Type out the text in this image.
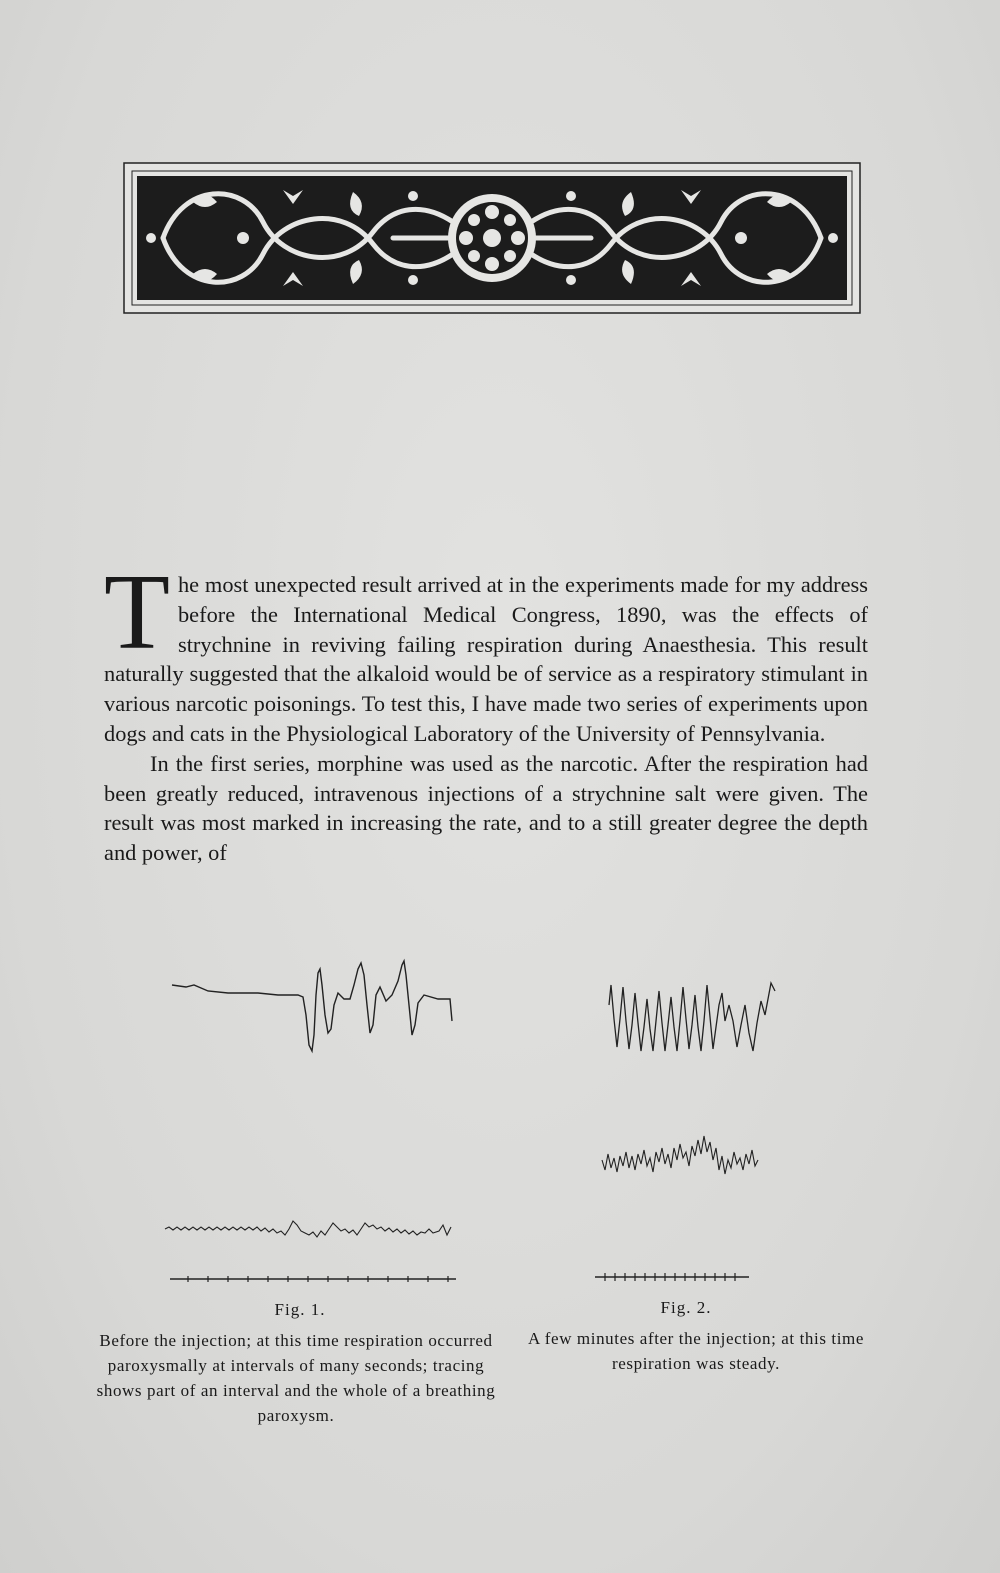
The most unexpected result arrived at in the experiments made for my address before the International Medical Congress, 1890, was the effects of strychnine in reviving failing respiration during Anaesthesia. This result naturally suggested that the alkaloid would be of service as a respiratory stimulant in various narcotic poisonings. To test this, I have made two series of experiments upon dogs and cats in the Physiological Laboratory of the University of Pennsylvania.

In the first series, morphine was used as the narcotic. After the respiration had been greatly reduced, intravenous injections of a strychnine salt were given. The result was most marked in increasing the rate, and to a still greater degree the depth and power, of

Fig. 1.
Before the injection; at this time respiration occurred paroxysmally at intervals of many seconds; tracing shows part of an interval and the whole of a breathing paroxysm.
Fig. 2.
A few minutes after the injection; at this time respiration was steady.
